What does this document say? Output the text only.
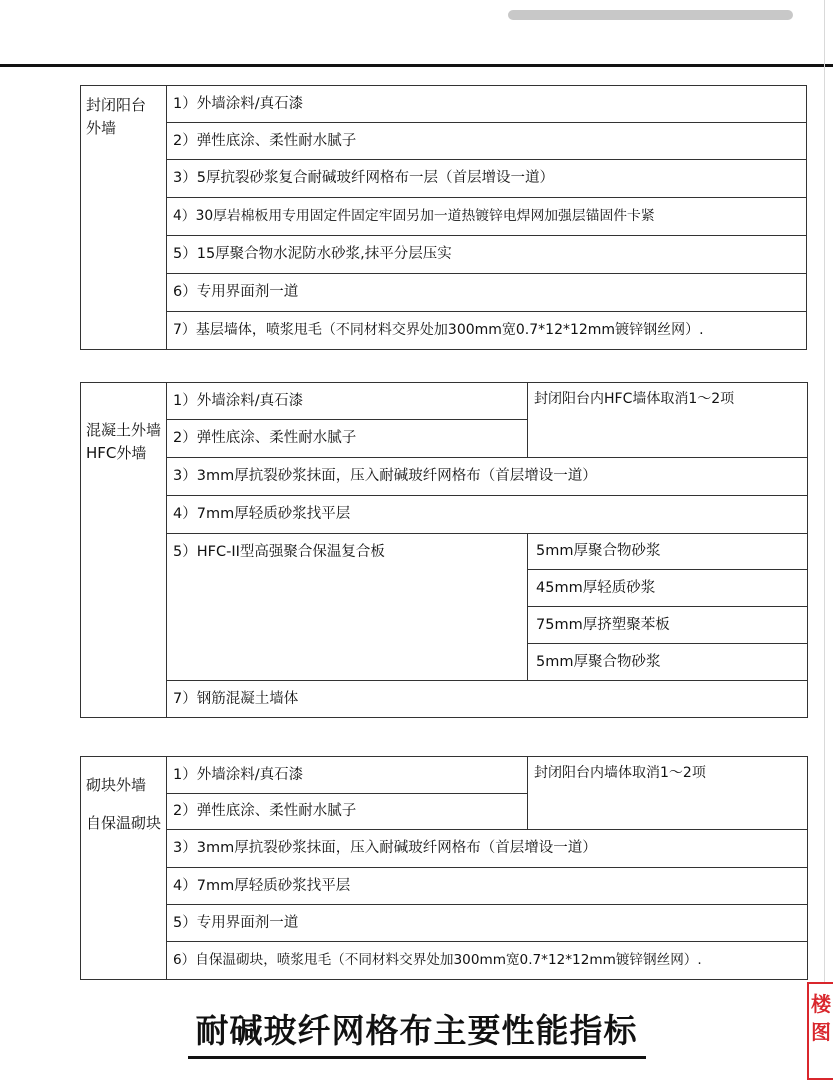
封闭阳台
外墙
	1）外墙涂料/真石漆
2）弹性底涂、柔性耐水腻子
3）5厚抗裂砂浆复合耐碱玻纤网格布一层（首层增设一道）
4）30厚岩棉板用专用固定件固定牢固另加一道热镀锌电焊网加强层锚固件卡紧
5）15厚聚合物水泥防水砂浆,抹平分层压实
6）专用界面剂一道
7）基层墙体，喷浆甩毛（不同材料交界处加300mm宽0.7*12*12mm镀锌钢丝网）.
混凝土外墙
HFC外墙	1）外墙涂料/真石漆	封闭阳台内HFC墙体取消1～2项
	2）弹性底涂、柔性耐水腻子	
	3）3mm厚抗裂砂浆抹面，压入耐碱玻纤网格布（首层增设一道）	
	4）7mm厚轻质砂浆找平层	
	5）HFC-II型高强聚合保温复合板	5mm厚聚合物砂浆
		45mm厚轻质砂浆
		75mm厚挤塑聚苯板
		5mm厚聚合物砂浆
	7）钢筋混凝土墙体	
砌块外墙
自保温砌块
	1）外墙涂料/真石漆	封闭阳台内墙体取消1～2项
2）弹性底涂、柔性耐水腻子
3）3mm厚抗裂砂浆抹面，压入耐碱玻纤网格布（首层增设一道）
4）7mm厚轻质砂浆找平层
5）专用界面剂一道
6）自保温砌块，喷浆甩毛（不同材料交界处加300mm宽0.7*12*12mm镀锌钢丝网）.
耐碱玻纤网格布主要性能指标
楼图
